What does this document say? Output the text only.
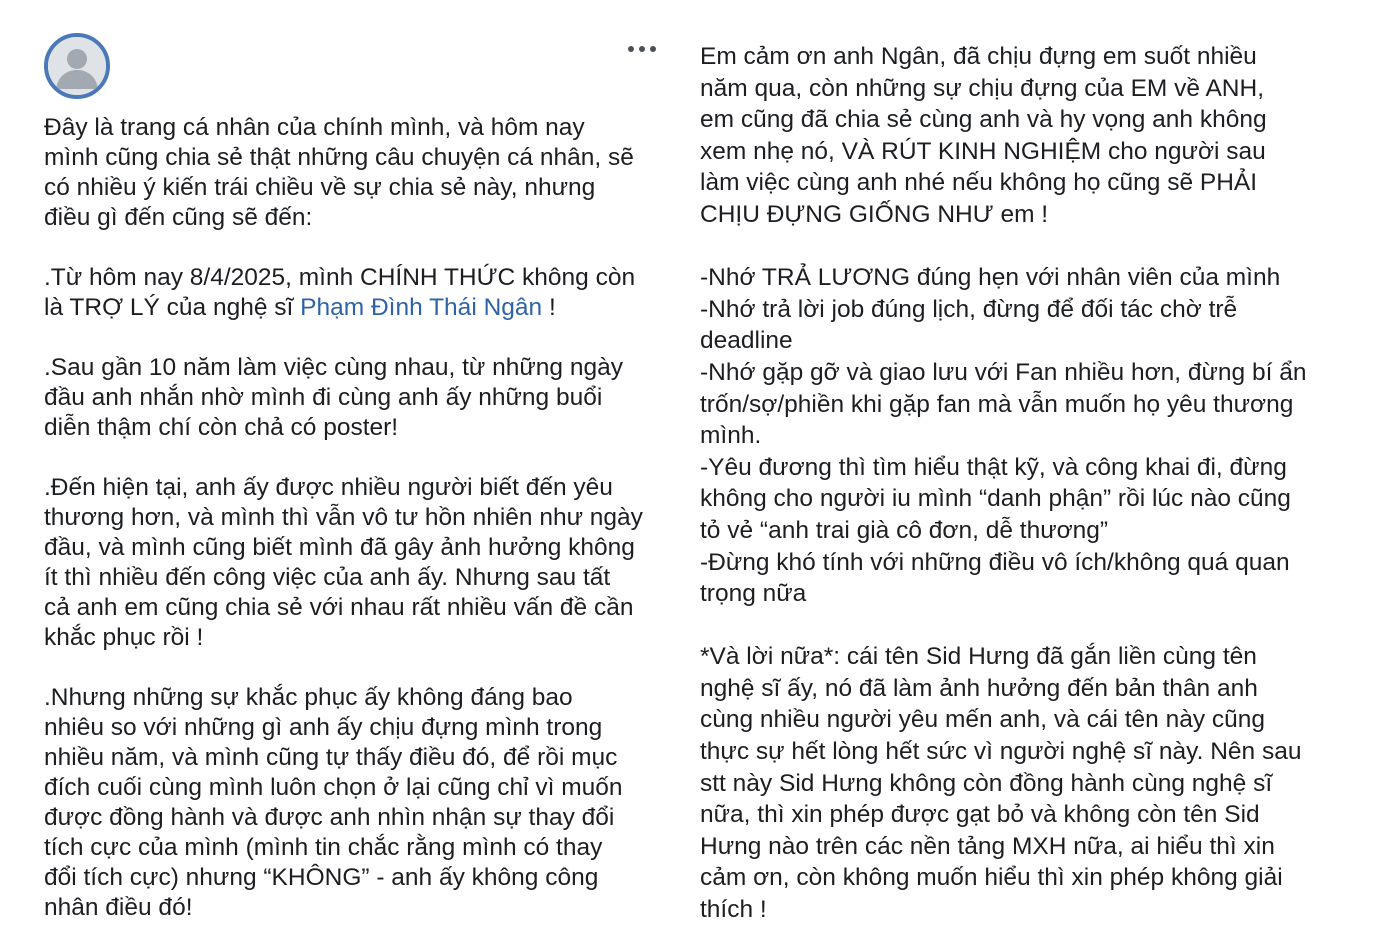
Đây là trang cá nhân của chính mình, và hôm nay
mình cũng chia sẻ thật những câu chuyện cá nhân, sẽ
có nhiều ý kiến trái chiều về sự chia sẻ này, nhưng
điều gì đến cũng sẽ đến:
.Từ hôm nay 8/4/2025, mình CHÍNH THỨC không còn
là TRỢ LÝ của nghệ sĩ Phạm Đình Thái Ngân !
.Sau gần 10 năm làm việc cùng nhau, từ những ngày
đầu anh nhắn nhờ mình đi cùng anh ấy những buổi
diễn thậm chí còn chả có poster!
.Đến hiện tại, anh ấy được nhiều người biết đến yêu
thương hơn, và mình thì vẫn vô tư hồn nhiên như ngày
đầu, và mình cũng biết mình đã gây ảnh hưởng không
ít thì nhiều đến công việc của anh ấy. Nhưng sau tất
cả anh em cũng chia sẻ với nhau rất nhiều vấn đề cần
khắc phục rồi !
.Nhưng những sự khắc phục ấy không đáng bao
nhiêu so với những gì anh ấy chịu đựng mình trong
nhiều năm, và mình cũng tự thấy điều đó, để rồi mục
đích cuối cùng mình luôn chọn ở lại cũng chỉ vì muốn
được đồng hành và được anh nhìn nhận sự thay đổi
tích cực của mình (mình tin chắc rằng mình có thay
đổi tích cực) nhưng “KHÔNG” - anh ấy không công
nhân điều đó!
Em cảm ơn anh Ngân, đã chịu đựng em suốt nhiều
năm qua, còn những sự chịu đựng của EM về ANH,
em cũng đã chia sẻ cùng anh và hy vọng anh không
xem nhẹ nó, VÀ RÚT KINH NGHIỆM cho người sau
làm việc cùng anh nhé nếu không họ cũng sẽ PHẢI
CHỊU ĐỰNG GIỐNG NHƯ em !
-Nhớ TRẢ LƯƠNG đúng hẹn với nhân viên của mình
-Nhớ trả lời job đúng lịch, đừng để đối tác chờ trễ
deadline
-Nhớ gặp gỡ và giao lưu với Fan nhiều hơn, đừng bí ẩn
trốn/sợ/phiền khi gặp fan mà vẫn muốn họ yêu thương
mình.
-Yêu đương thì tìm hiểu thật kỹ, và công khai đi, đừng
không cho người iu mình “danh phận” rồi lúc nào cũng
tỏ vẻ “anh trai già cô đơn, dễ thương”
-Đừng khó tính với những điều vô ích/không quá quan
trọng nữa
*Và lời nữa*: cái tên Sid Hưng đã gắn liền cùng tên
nghệ sĩ ấy, nó đã làm ảnh hưởng đến bản thân anh
cùng nhiều người yêu mến anh, và cái tên này cũng
thực sự hết lòng hết sức vì người nghệ sĩ này. Nên sau
stt này Sid Hưng không còn đồng hành cùng nghệ sĩ
nữa, thì xin phép được gạt bỏ và không còn tên Sid
Hưng nào trên các nền tảng MXH nữa, ai hiểu thì xin
cảm ơn, còn không muốn hiểu thì xin phép không giải
thích !
